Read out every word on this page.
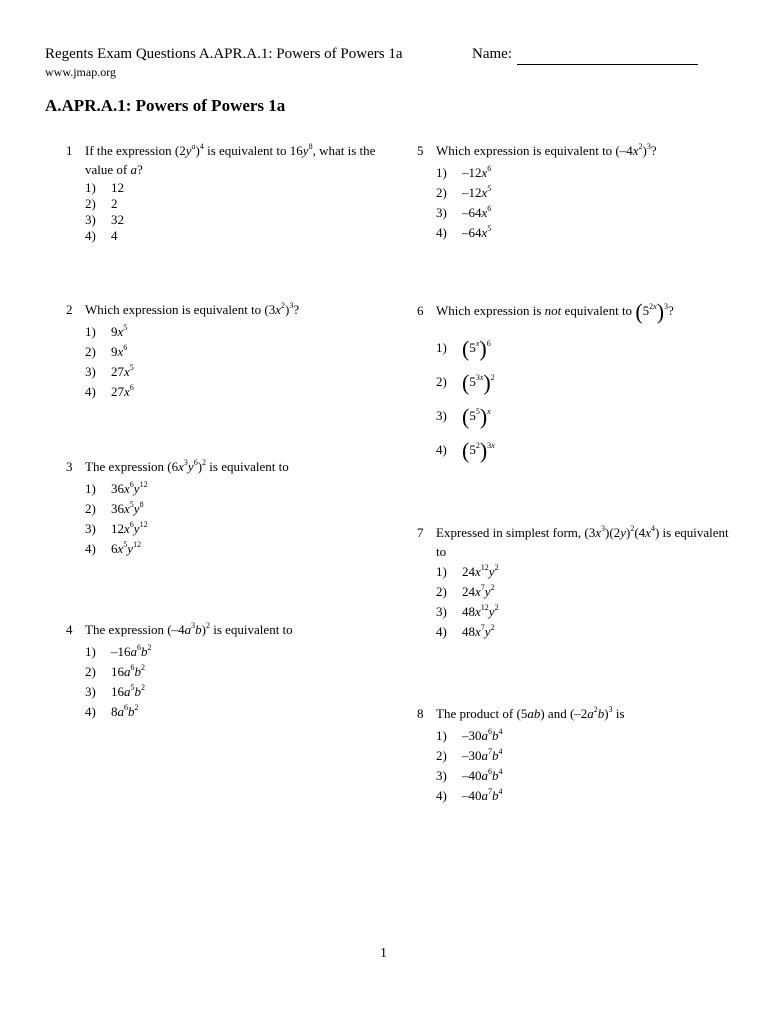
Regents Exam Questions A.APR.A.1: Powers of Powers 1a
www.jmap.org
Name:
A.APR.A.1: Powers of Powers 1a
1 If the expression $(2y^a)^4$ is equivalent to $16y^8$, what is the value of a?
1) 12
2) 2
3) 32
4) 4
2 Which expression is equivalent to $(3x^2)^3$?
1) $9x^5$
2) $9x^6$
3) $27x^5$
4) $27x^6$
3 The expression $(6x^3y^6)^2$ is equivalent to
1) $36x^6y^{12}$
2) $36x^5y^8$
3) $12x^6y^{12}$
4) $6x^5y^{12}$
4 The expression $(-4a^3b)^2$ is equivalent to
1) $-16a^6b^2$
2) $16a^6b^2$
3) $16a^5b^2$
4) $8a^6b^2$
5 Which expression is equivalent to $(-4x^2)^3$?
1) $-12x^6$
2) $-12x^5$
3) $-64x^6$
4) $-64x^5$
6 Which expression is not equivalent to $(5^{2x})^3$?
1) $(5^x)^6$
2) $(5^{3x})^2$
3) $(5^5)^x$
4) $(5^2)^{3x}$
7 Expressed in simplest form, $(3x^3)(2y)^2(4x^4)$ is equivalent to
1) $24x^{12}y^2$
2) $24x^7y^2$
3) $48x^{12}y^2$
4) $48x^7y^2$
8 The product of (5ab) and $(-2a^2b)^3$ is
1) $-30a^6b^4$
2) $-30a^7b^4$
3) $-40a^6b^4$
4) $-40a^7b^4$
1
